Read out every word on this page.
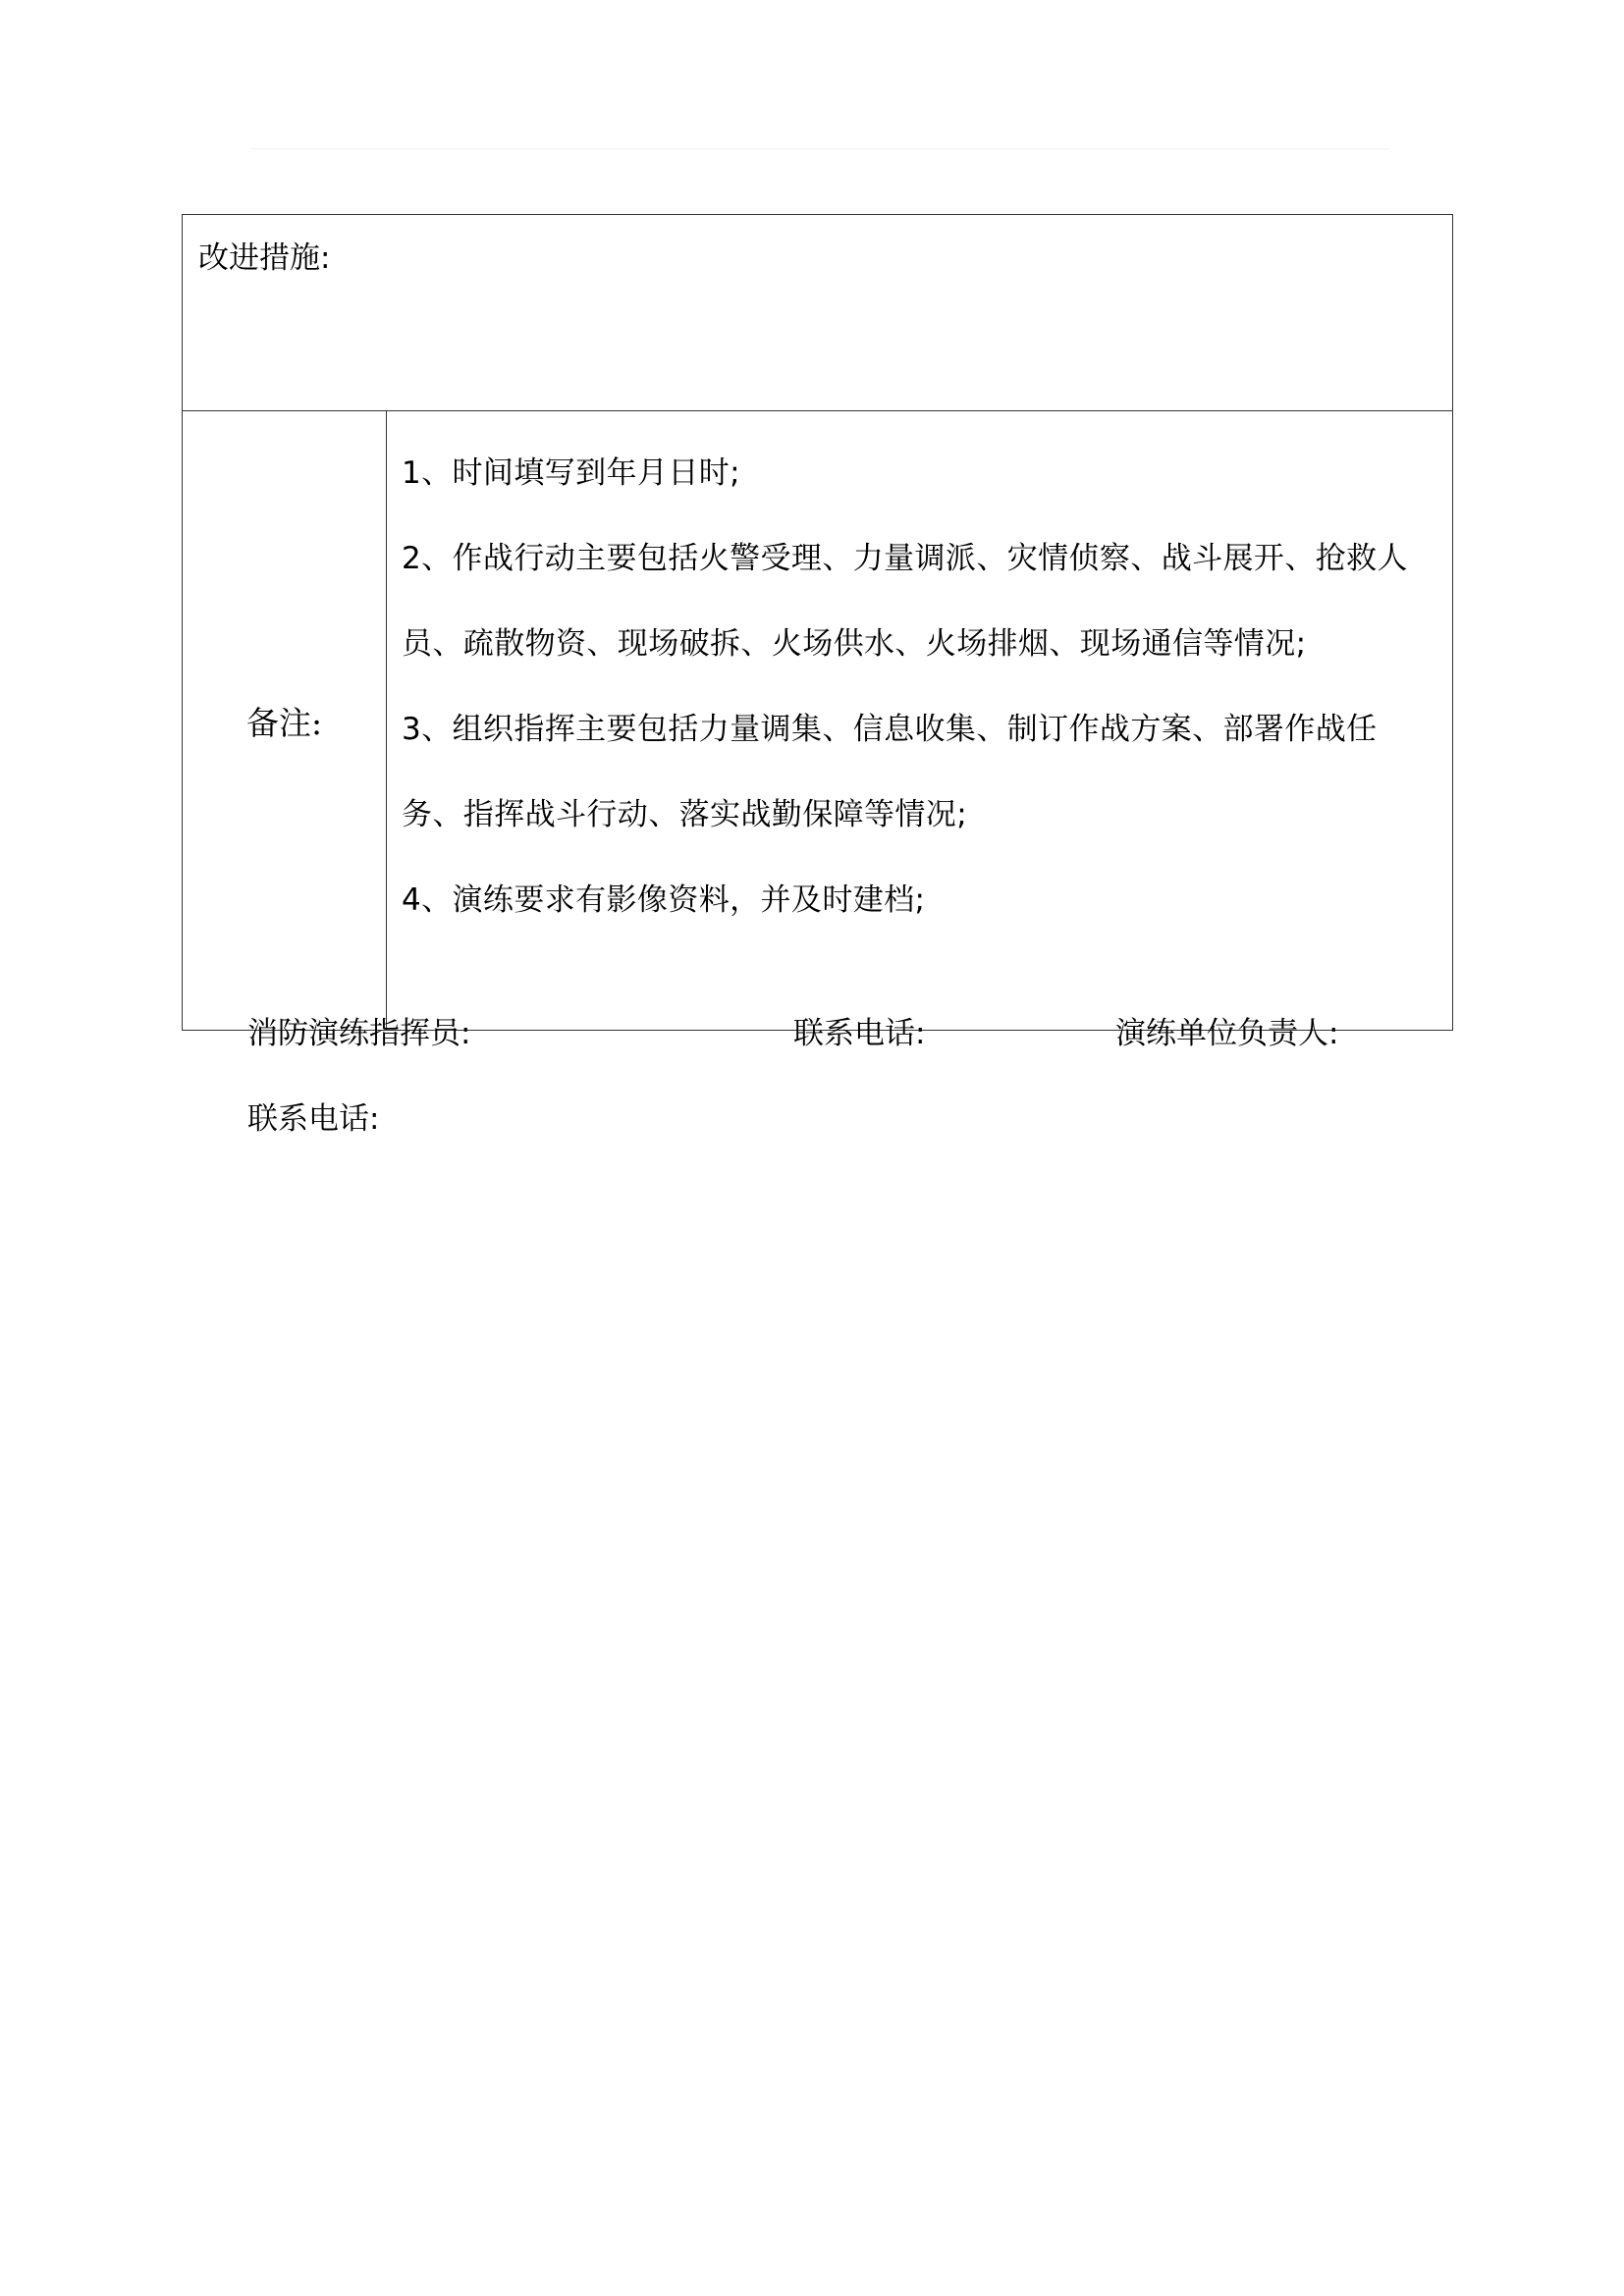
改进措施:
备注:	

1、时间填写到年月日时;

2、作战行动主要包括火警受理、力量调派、灾情侦察、战斗展开、抢救人员、疏散物资、现场破拆、火场供水、火场排烟、现场通信等情况;

3、组织指挥主要包括力量调集、信息收集、制订作战方案、部署作战任务、指挥战斗行动、落实战勤保障等情况;

4、演练要求有影像资料，并及时建档;

消防演练指挥员:	联系电话:	演练单位负责人:
联系电话:
